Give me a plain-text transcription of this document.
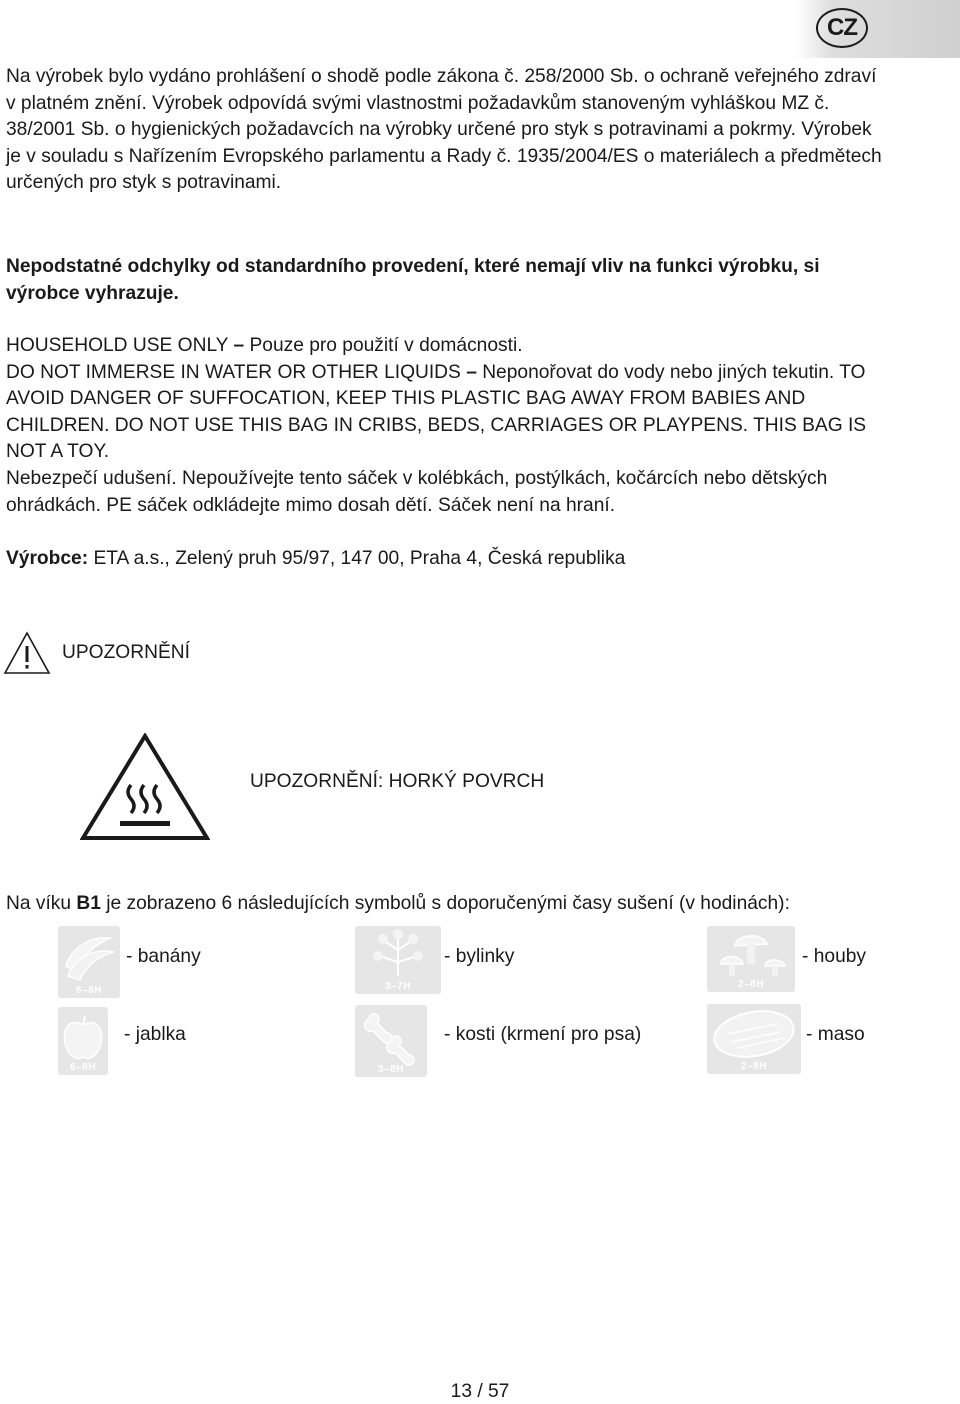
CZ
Na výrobek bylo vydáno prohlášení o shodě podle zákona č. 258/2000 Sb. o ochraně veřejného zdraví v platném znění. Výrobek odpovídá svými vlastnostmi požadavkům stanoveným vyhláškou MZ č. 38/2001 Sb. o hygienických požadavcích na výrobky určené pro styk s potravinami a pokrmy. Výrobek je v souladu s Nařízením Evropského parlamentu a Rady č. 1935/2004/ES o materiálech a předmětech určených pro styk s potravinami.
Nepodstatné odchylky od standardního provedení, které nemají vliv na funkci výrobku, si výrobce vyhrazuje.
HOUSEHOLD USE ONLY – Pouze pro použití v domácnosti.
DO NOT IMMERSE IN WATER OR OTHER LIQUIDS – Neponořovat do vody nebo jiných tekutin. TO AVOID DANGER OF SUFFOCATION, KEEP THIS PLASTIC BAG AWAY FROM BABIES AND CHILDREN. DO NOT USE THIS BAG IN CRIBS, BEDS, CARRIAGES OR PLAYPENS. THIS BAG IS NOT A TOY.
Nebezpečí udušení. Nepoužívejte tento sáček v kolébkách, postýlkách, kočárcích nebo dětských ohrádkách. PE sáček odkládejte mimo dosah dětí. Sáček není na hraní.
Výrobce: ETA a.s., Zelený pruh 95/97, 147 00, Praha 4, Česká republika
UPOZORNĚNÍ
UPOZORNĚNÍ: HORKÝ POVRCH
Na víku B1 je zobrazeno 6 následujících symbolů s doporučenými časy sušení (v hodinách):
6–8H
- banány
3–7H
- bylinky
2–8H
- houby
6–8H
- jablka
3–8H
- kosti (krmení pro psa)
2–8H
- maso
13 / 57
